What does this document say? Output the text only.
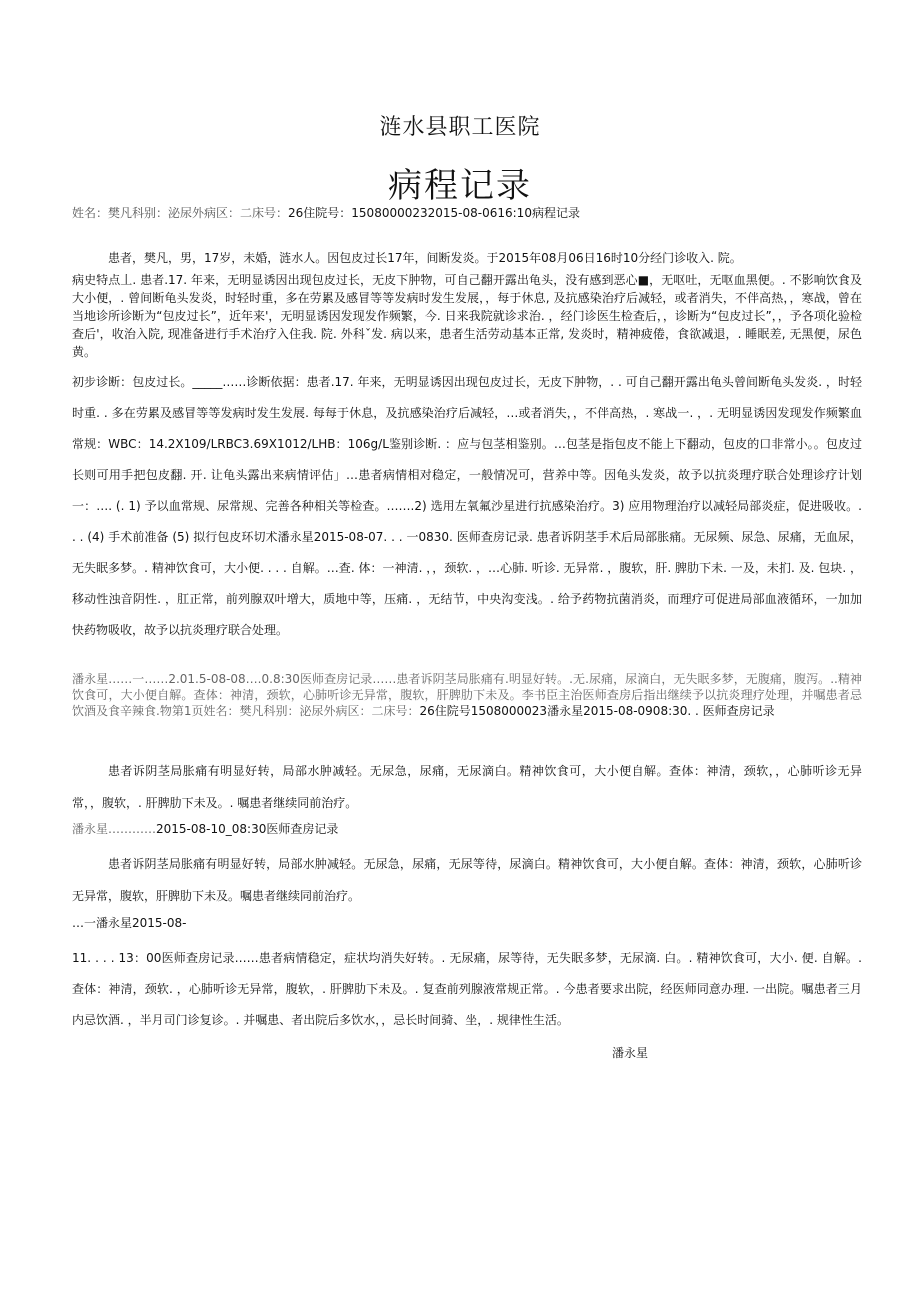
涟水县职工医院
病程记录
姓名：樊凡科别：泌尿外病区：二床号：26住院号：15080000232015-08-0616:10病程记录

患者，樊凡，男，17岁，未婚，涟水人。因包皮过长17年，间断发炎。于2015年08月06日16时10分经门诊收入. 院。

病史特点丄. 患者.17. 年来，无明显诱因出现包皮过长，无皮下肿物，可自己翻开露出龟头，没有感到恶心■，无呕吐，无呕血黑便。. 不影响饮食及大小便，. 曾间断龟头发炎，时轻时重，多在劳累及感冒等等发病时发生发展，，每于休息, 及抗感染治疗后减轻，或者消失，不伴高热，，寒战，曾在当地诊所诊断为“包皮过长”，近年来'，无明显诱因发现发作频繁，今. 日来我院就诊求治. ，经门诊医生检查后，，诊断为“包皮过长”，，予各项化验检查后'，收治入院, 现准备进行手术治疗入住我. 院. 外科ˇ发. 病以来，患者生活劳动基本正常, 发炎时，精神疲倦，食欲减退，. 睡眠差, 无黑便，尿色黄。

初步诊断：包皮过长。_____……诊断依据：患者.17. 年来，无明显诱因出现包皮过长，无皮下肿物，. . 可自己翻开露出龟头曾间断龟头发炎. ，时轻时重. . 多在劳累及感冒等等发病时发生发展. 每每于休息，及抗感染治疗后减轻，…或者消失，，不伴高热，. 寒战一. ，. 无明显诱因发现发作频繁血常规：WBC：14.2X109/LRBC3.69X1012/LHB：106g/L鉴别诊断. ：应与包茎相鉴别。…包茎是指包皮不能上下翻动，包皮的口非常小。。包皮过长则可用手把包皮翻. 开. 让龟头露出来病情评估」…患者病情相对稳定，一般情况可，营养中等。因龟头发炎，故予以抗炎理疗联合处理诊疗计划一：…. (. 1) 予以血常规、尿常规、完善各种相关等检查。…….2) 选用左氧氟沙星进行抗感染治疗。3) 应用物理治疗以减轻局部炎症，促进吸收。. . . (4) 手术前准备 (5) 拟行包皮环切术潘永星2015-08-07. . . 一0830. 医师查房记录. 患者诉阴茎手术后局部胀痛。无尿频、尿急、尿痛，无血尿，无失眠多梦。. 精神饮食可，大小便. . . . 自解。…查. 体：一神清. ，，颈软. ，…心肺. 听诊. 无异常. ，腹软，肝. 脾肋下未. 一及，未扪. 及. 包块. ，移动性浊音阴性. ，肛正常，前列腺双叶增大，质地中等，压痛. ，无结节，中央沟变浅。. 给予药物抗菌消炎，而理疗可促进局部血液循环，一加加快药物吸收，故予以抗炎理疗联合处理。

潘永星……一……2.01.5-08-08….0.8:30医师查房记录……患者诉阴茎局胀痛有.明显好转。.无.尿痛，尿滴白，无失眠多梦，无腹痛，腹泻。..精神饮食可，大小便自解。查体：神清，颈软，心肺听诊无异常，腹软，肝脾肋下未及。李书臣主治医师查房后指出继续予以抗炎理疗处理，并嘱患者忌饮酒及食辛辣食.物第1页姓名：樊凡科别：泌尿外病区：二床号：26住院号1508000023潘永星2015-08-0908:30. . 医师查房记录

患者诉阴茎局胀痛有明显好转，局部水肿减轻。无尿急，尿痛，无尿滴白。精神饮食可，大小便自解。查体：神清，颈软，，心肺听诊无异常，，腹软，. 肝脾肋下未及。. 嘱患者继续同前治疗。

潘永星…………2015-08-10_08:30医师查房记录

患者诉阴茎局胀痛有明显好转，局部水肿减轻。无尿急，尿痛，无尿等待，尿滴白。精神饮食可，大小便自解。查体：神清，颈软，心肺听诊无异常，腹软，肝脾肋下未及。嘱患者继续同前治疗。

…一潘永星2015-08-

11. . . . 13：00医师查房记录……患者病情稳定，症状均消失好转。. 无尿痛，尿等待，无失眠多梦，无尿滴. 白。. 精神饮食可，大小. 便. 自解。. 查体：神清，颈软. ，心肺听诊无异常，腹软，. 肝脾肋下未及。. 复查前列腺液常规正常。. 今患者要求出院，经医师同意办理. 一出院。嘱患者三月内忌饮酒. ，半月司门诊复诊。. 并嘱患、者出院后多饮水，，忌长时间骑、坐，. 规律性生活。

潘永星
